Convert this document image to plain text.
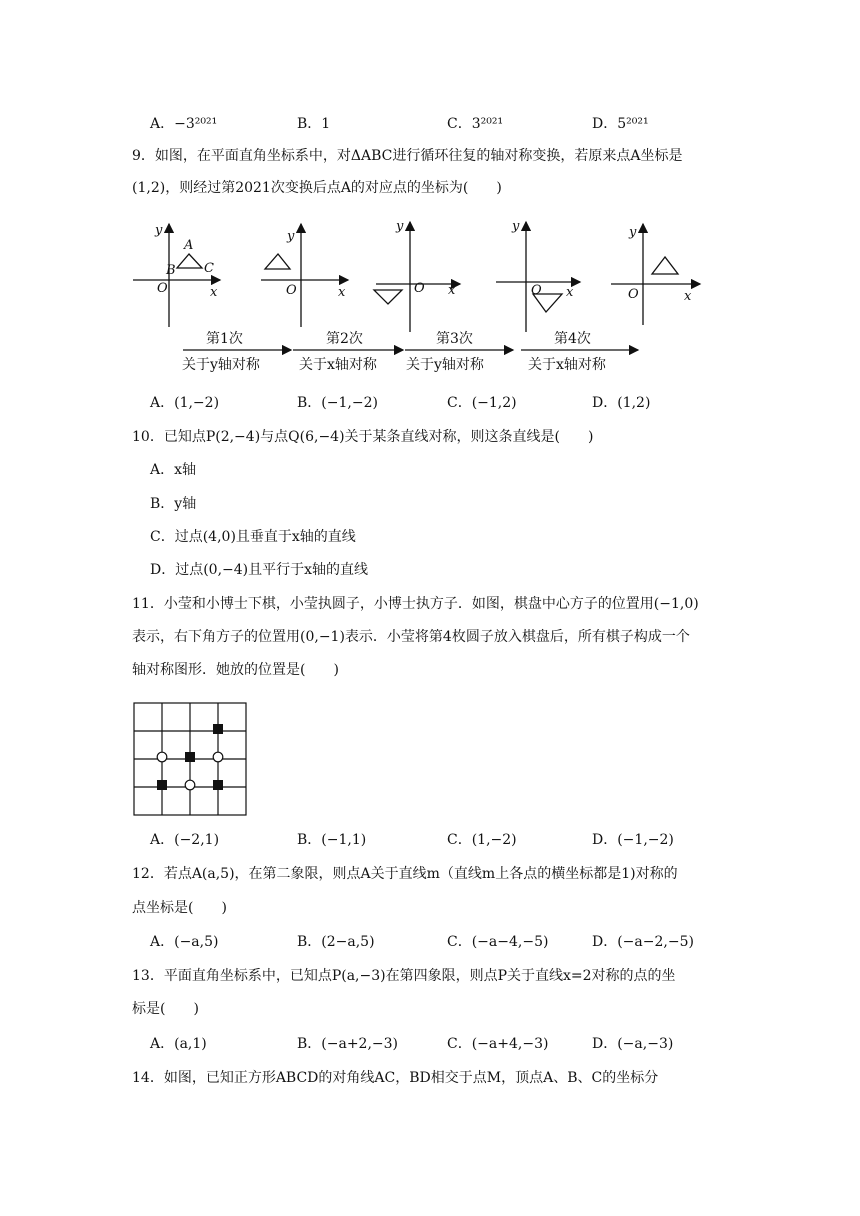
A．−3²⁰²¹	B．1	C．3²⁰²¹	D．5²⁰²¹
9．如图，在平面直角坐标系中，对ΔABC进行循环往复的轴对称变换，若原来点A坐标是
(1,2)，则经过第2021次变换后点A的对应点的坐标为(　　)
y
x
O
A
B C
y
x
O
y
x
O
y
x
O
y
x
O
第1次
关于y轴对称
第2次
关于x轴对称
第3次
关于y轴对称
第4次
关于x轴对称
A．(1,−2)	B．(−1,−2)	C．(−1,2)	D．(1,2)
10．已知点P(2,−4)与点Q(6,−4)关于某条直线对称，则这条直线是(　　)
A．x轴
B．y轴
C．过点(4,0)且垂直于x轴的直线
D．过点(0,−4)且平行于x轴的直线
11．小莹和小博士下棋，小莹执圆子，小博士执方子．如图，棋盘中心方子的位置用(−1,0)
表示，右下角方子的位置用(0,−1)表示．小莹将第4枚圆子放入棋盘后，所有棋子构成一个
轴对称图形．她放的位置是(　　)
A．(−2,1)	B．(−1,1)	C．(1,−2)	D．(−1,−2)
12．若点A(a,5)，在第二象限，则点A关于直线m（直线m上各点的横坐标都是1)对称的
点坐标是(　　)
A．(−a,5)	B．(2−a,5)	C．(−a−4,−5)	D．(−a−2,−5)
13．平面直角坐标系中，已知点P(a,−3)在第四象限，则点P关于直线x=2对称的点的坐
标是(　　)
A．(a,1)	B．(−a+2,−3)	C．(−a+4,−3)	D．(−a,−3)
14．如图，已知正方形ABCD的对角线AC，BD相交于点M，顶点A、B、C的坐标分
